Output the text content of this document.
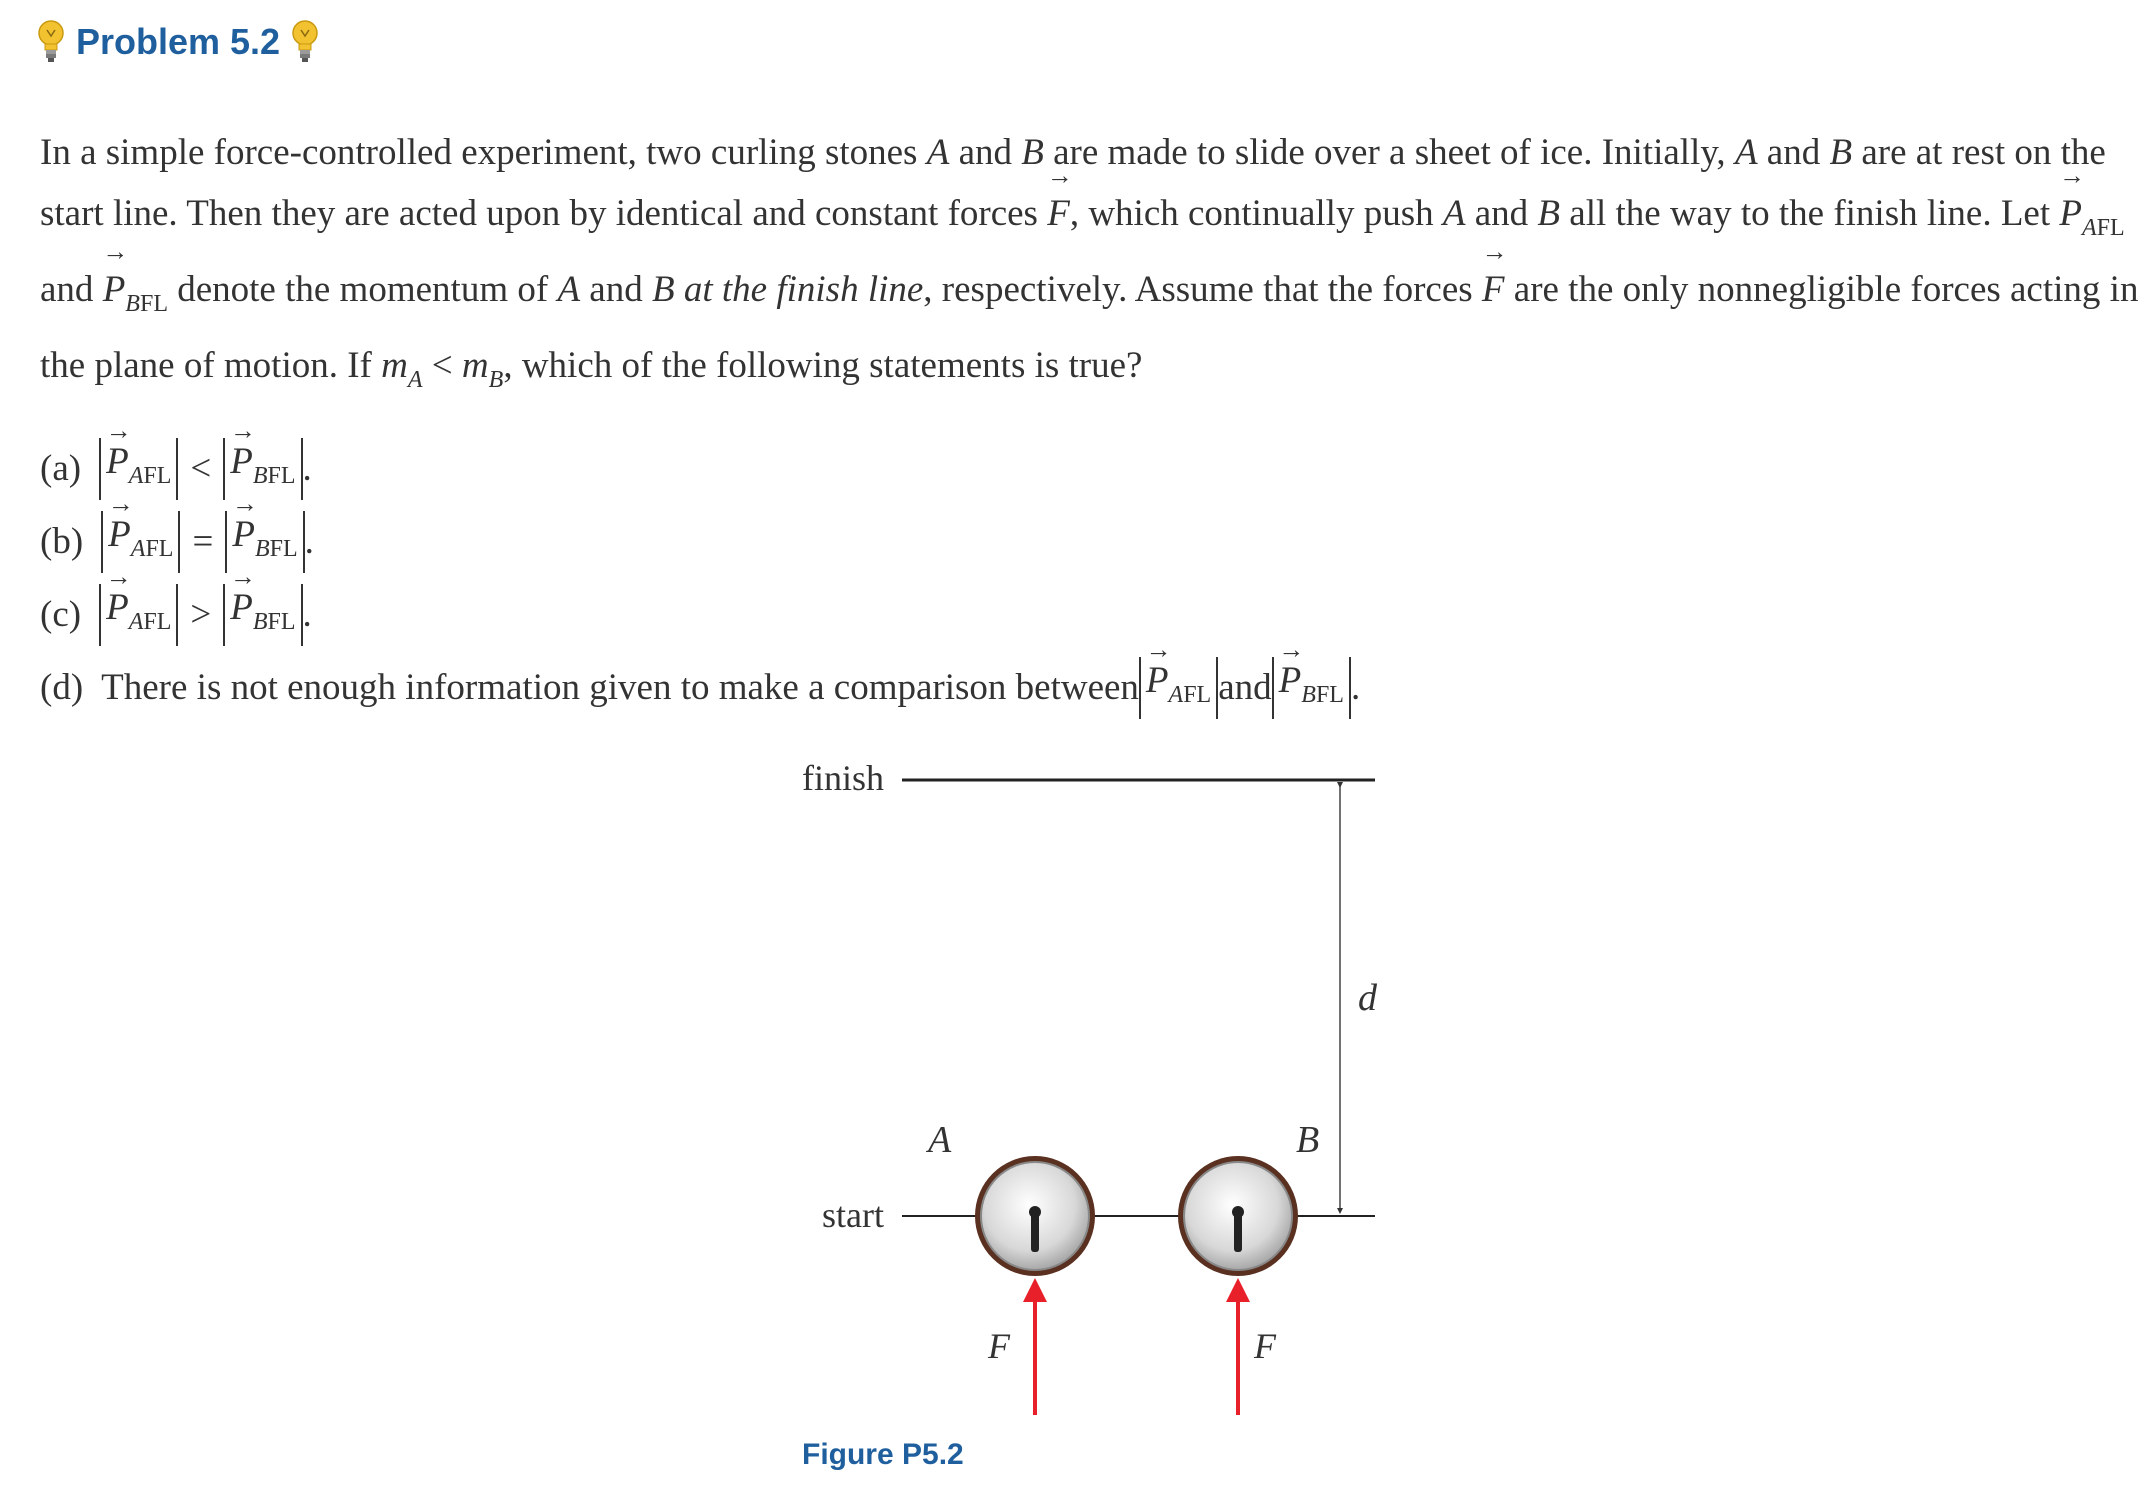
Problem 5.2
In a simple force-controlled experiment, two curling stones A and B are made to slide over a sheet of ice. Initially, A and B are at rest on the start line. Then they are acted upon by identical and constant forces → F, which continually push A and B all the way to the finish line. Let → $P_{AFL}$ and → $P_{BFL}$ denote the momentum of A and B at the finish line, respectively. Assume that the forces → F are the only nonnegligible forces acting in the plane of motion. If $m_A < m_B$, which of the following statements is true?
$(a) \to P_{AFL}$ < → $P_{BFL}$ .
$(b) \to P_{AFL}$ = → $P_{BFL}$ .
$(c) \to P_{AFL}$ > → $P_{BFL}$ .
(d) There is not enough information given to make a comparison between → $P_{AFL}$ and → $P_{BFL}$ .
finish
d
start
A
F
B
F
Figure P5.2
